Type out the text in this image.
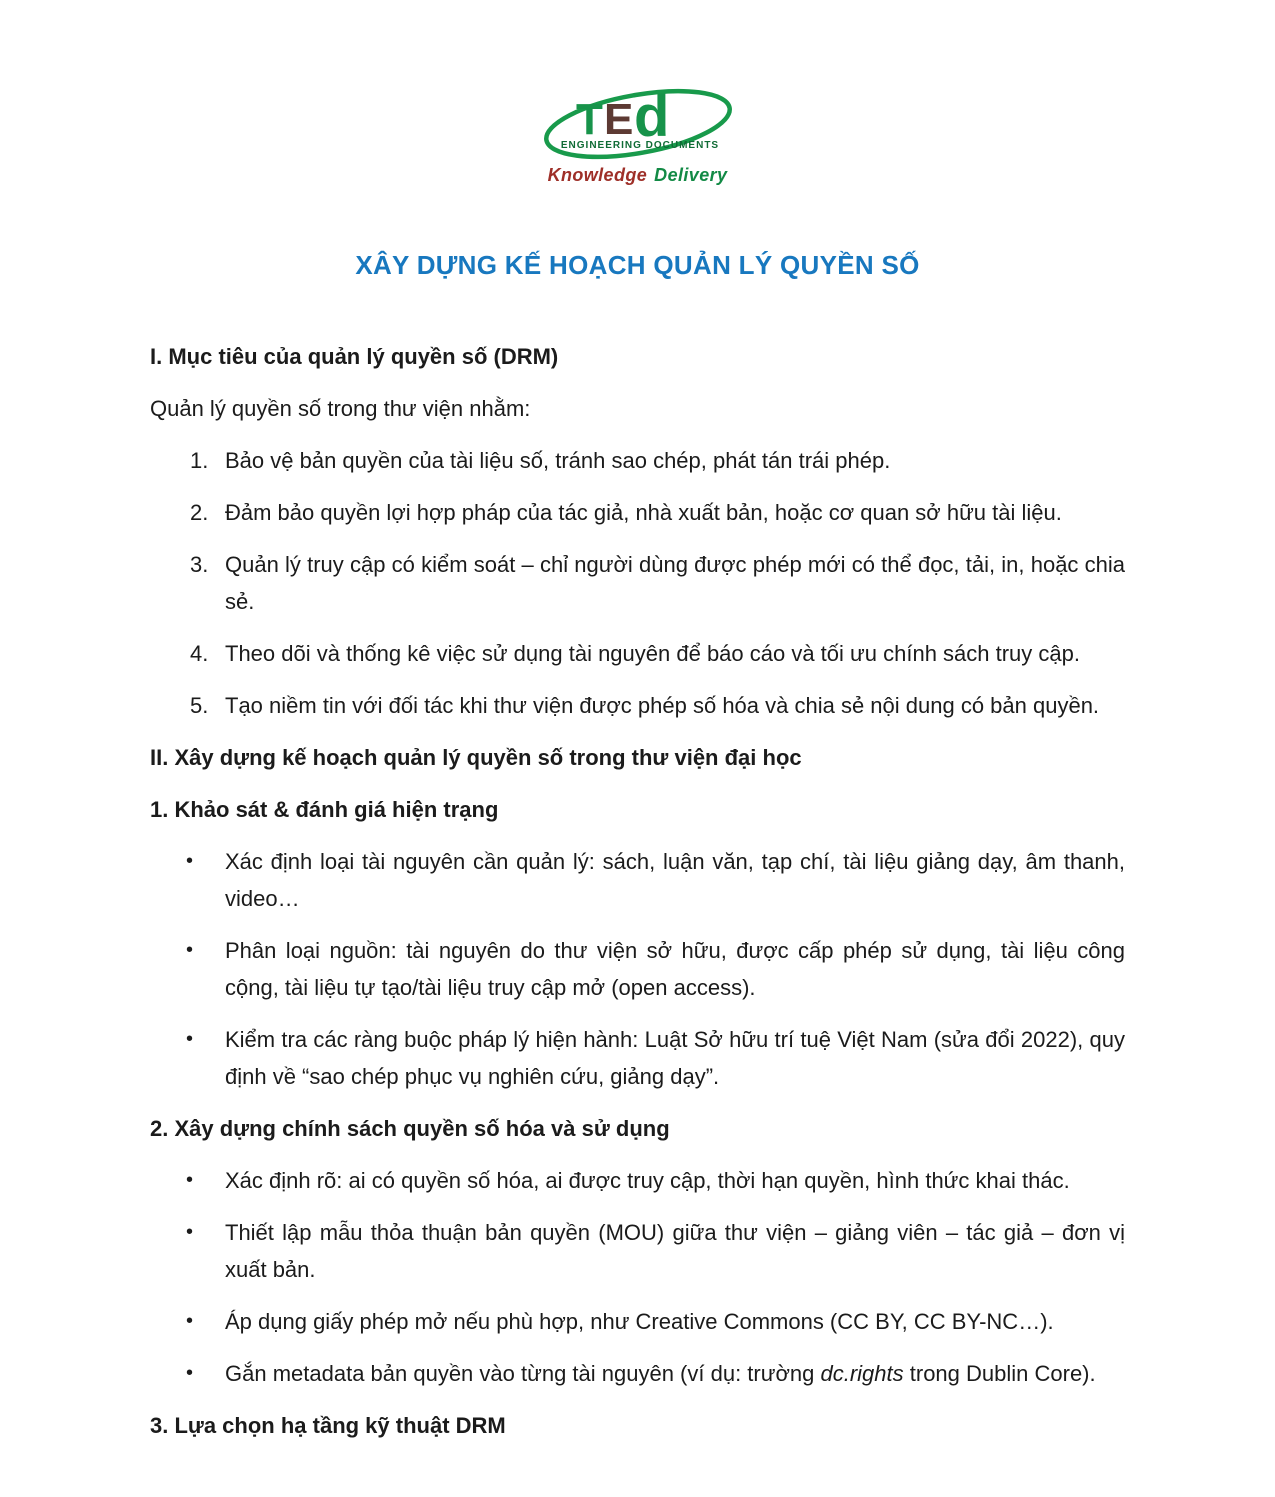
T E d
ENGINEERING DOCUMENTS
Knowledge Delivery
XÂY DỰNG KẾ HOẠCH QUẢN LÝ QUYỀN SỐ
I. Mục tiêu của quản lý quyền số (DRM)

Quản lý quyền số trong thư viện nhằm:

1. Bảo vệ bản quyền của tài liệu số, tránh sao chép, phát tán trái phép.
2. Đảm bảo quyền lợi hợp pháp của tác giả, nhà xuất bản, hoặc cơ quan sở hữu tài liệu.
3. Quản lý truy cập có kiểm soát – chỉ người dùng được phép mới có thể đọc, tải, in, hoặc chia sẻ.
4. Theo dõi và thống kê việc sử dụng tài nguyên để báo cáo và tối ưu chính sách truy cập.
5. Tạo niềm tin với đối tác khi thư viện được phép số hóa và chia sẻ nội dung có bản quyền.
II. Xây dựng kế hoạch quản lý quyền số trong thư viện đại học
1. Khảo sát & đánh giá hiện trạng
•	Xác định loại tài nguyên cần quản lý: sách, luận văn, tạp chí, tài liệu giảng dạy, âm thanh, video…
•	Phân loại nguồn: tài nguyên do thư viện sở hữu, được cấp phép sử dụng, tài liệu công cộng, tài liệu tự tạo/tài liệu truy cập mở (open access).
•	Kiểm tra các ràng buộc pháp lý hiện hành: Luật Sở hữu trí tuệ Việt Nam (sửa đổi 2022), quy định về “sao chép phục vụ nghiên cứu, giảng dạy”.
2. Xây dựng chính sách quyền số hóa và sử dụng
•	Xác định rõ: ai có quyền số hóa, ai được truy cập, thời hạn quyền, hình thức khai thác.
•	Thiết lập mẫu thỏa thuận bản quyền (MOU) giữa thư viện – giảng viên – tác giả – đơn vị xuất bản.
•	Áp dụng giấy phép mở nếu phù hợp, như Creative Commons (CC BY, CC BY-NC…).
•	Gắn metadata bản quyền vào từng tài nguyên (ví dụ: trường dc.rights trong Dublin Core).
3. Lựa chọn hạ tầng kỹ thuật DRM
